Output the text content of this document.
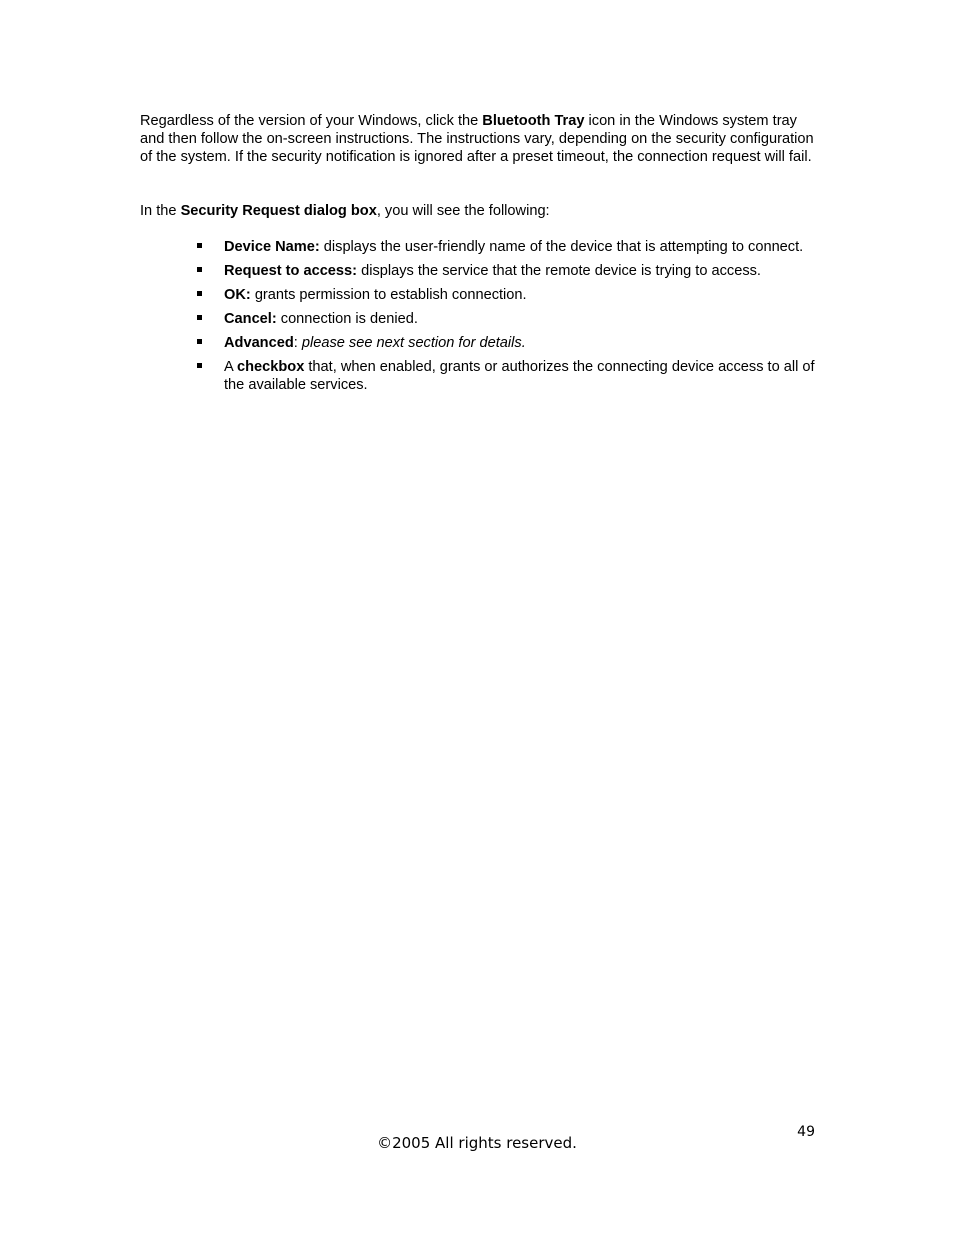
Regardless of the version of your Windows, click the Bluetooth Tray icon in the Windows system tray and then follow the on-screen instructions. The instructions vary, depending on the security configuration of the system. If the security notification is ignored after a preset timeout, the connection request will fail.

In the Security Request dialog box, you will see the following:

Device Name: displays the user-friendly name of the device that is attempting to connect.
Request to access: displays the service that the remote device is trying to access.
OK: grants permission to establish connection.
Cancel: connection is denied.
Advanced: please see next section for details.
A checkbox that, when enabled, grants or authorizes the connecting device access to all of the available services.
49
©2005 All rights reserved.
